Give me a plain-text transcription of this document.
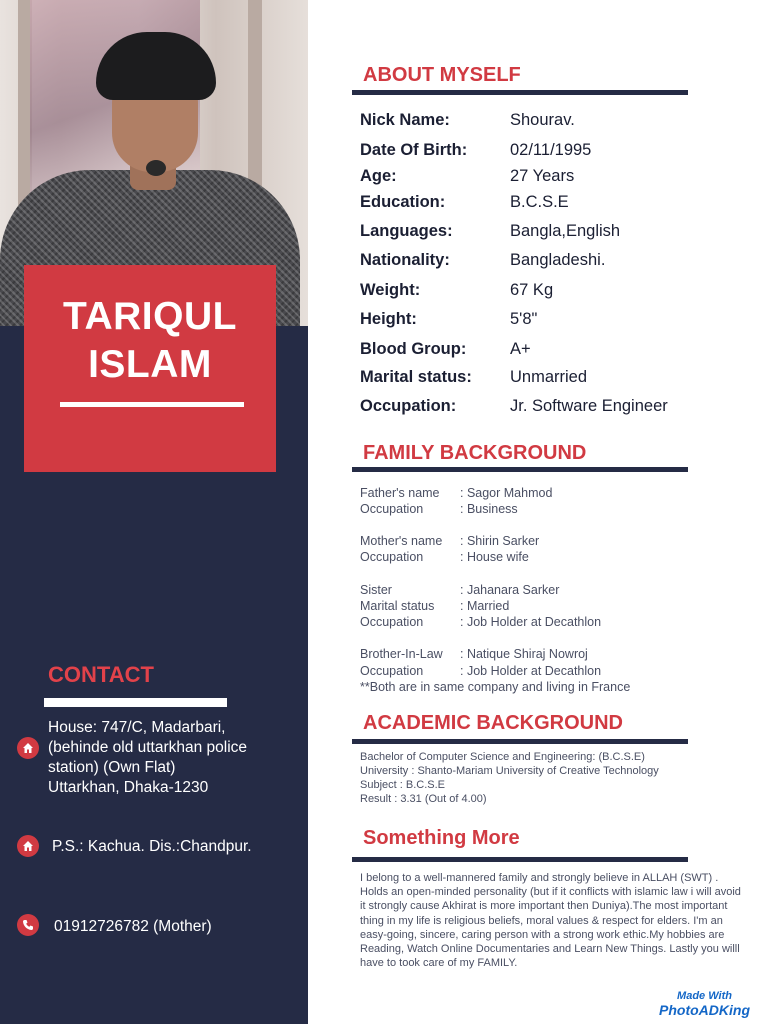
TARIQUL
ISLAM
CONTACT
House: 747/C, Madarbari,
(behinde old uttarkhan police
station) (Own Flat)
Uttarkhan, Dhaka-1230
P.S.: Kachua. Dis.:Chandpur.
01912726782 (Mother)
ABOUT MYSELF
Nick Name:	Shourav.
Date Of Birth:	02/11/1995
Age:	27 Years
Education:	B.C.S.E
Languages:	Bangla,English
Nationality:	Bangladeshi.
Weight:	67 Kg
Height:	5'8"
Blood Group:	A+
Marital status: Unmarried
Occupation:	Jr. Software Engineer
FAMILY BACKGROUND
Father's name : Sagor Mahmod
Occupation	: Business
Mother's name : Shirin Sarker
Occupation	: House wife
Sister	: Jahanara Sarker
Marital status : Married
Occupation	: Job Holder at Decathlon
Brother-In-Law : Natique Shiraj Nowroj
Occupation	: Job Holder at Decathlon
**Both are in same company and living in France
ACADEMIC BACKGROUND
Bachelor of Computer Science and Engineering: (B.C.S.E)
University : Shanto-Mariam University of Creative Technology
Subject : B.C.S.E
Result : 3.31 (Out of 4.00)
Something More
I belong to a well-mannered family and strongly believe in ALLAH (SWT) . Holds an open-minded personality (but if it conflicts with islamic law i will avoid it strongly cause Akhirat is more important then Duniya).The most important thing in my life is religious beliefs, moral values & respect for elders. I'm an easy-going, sincere, caring person with a strong work ethic.My hobbies are Reading, Watch Online Documentaries and Learn New Things. Lastly you willl have to took care of my FAMILY.
Made With
PhotoADKing
